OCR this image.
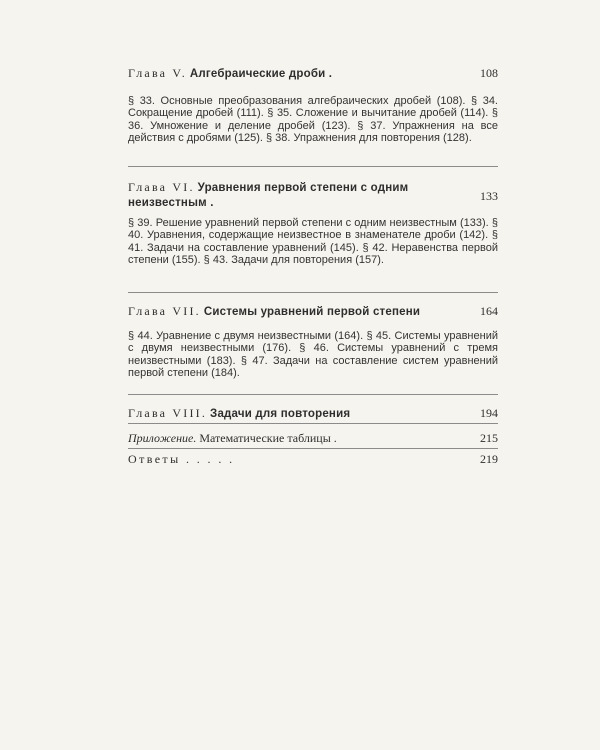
Глава V. Алгебраические дроби .	108

§ 33. Основные преобразования алгебраических дробей (108). § 34. Сокращение дробей (111). § 35. Сложение и вычитание дробей (114). § 36. Умножение и деление дробей (123). § 37. Упражнения на все действия с дробями (125). § 38. Упражнения для повторения (128).

Глава VI. Уравнения первой степени с одним неизвестным .	133

§ 39. Решение уравнений первой степени с одним неизвестным (133). § 40. Уравнения, содержащие неизвестное в знаменателе дроби (142). § 41. Задачи на составление уравнений (145). § 42. Неравенства первой степени (155). § 43. Задачи для повторения (157).

Глава VII. Системы уравнений первой степени	164

§ 44. Уравнение с двумя неизвестными (164). § 45. Системы уравнений с двумя неизвестными (176). § 46. Системы уравнений с тремя неизвестными (183). § 47. Задачи на составление систем уравнений первой степени (184).

Глава VIII. Задачи для повторения	194
Приложение. Математические таблицы .	215
Ответы . . . . .	219
